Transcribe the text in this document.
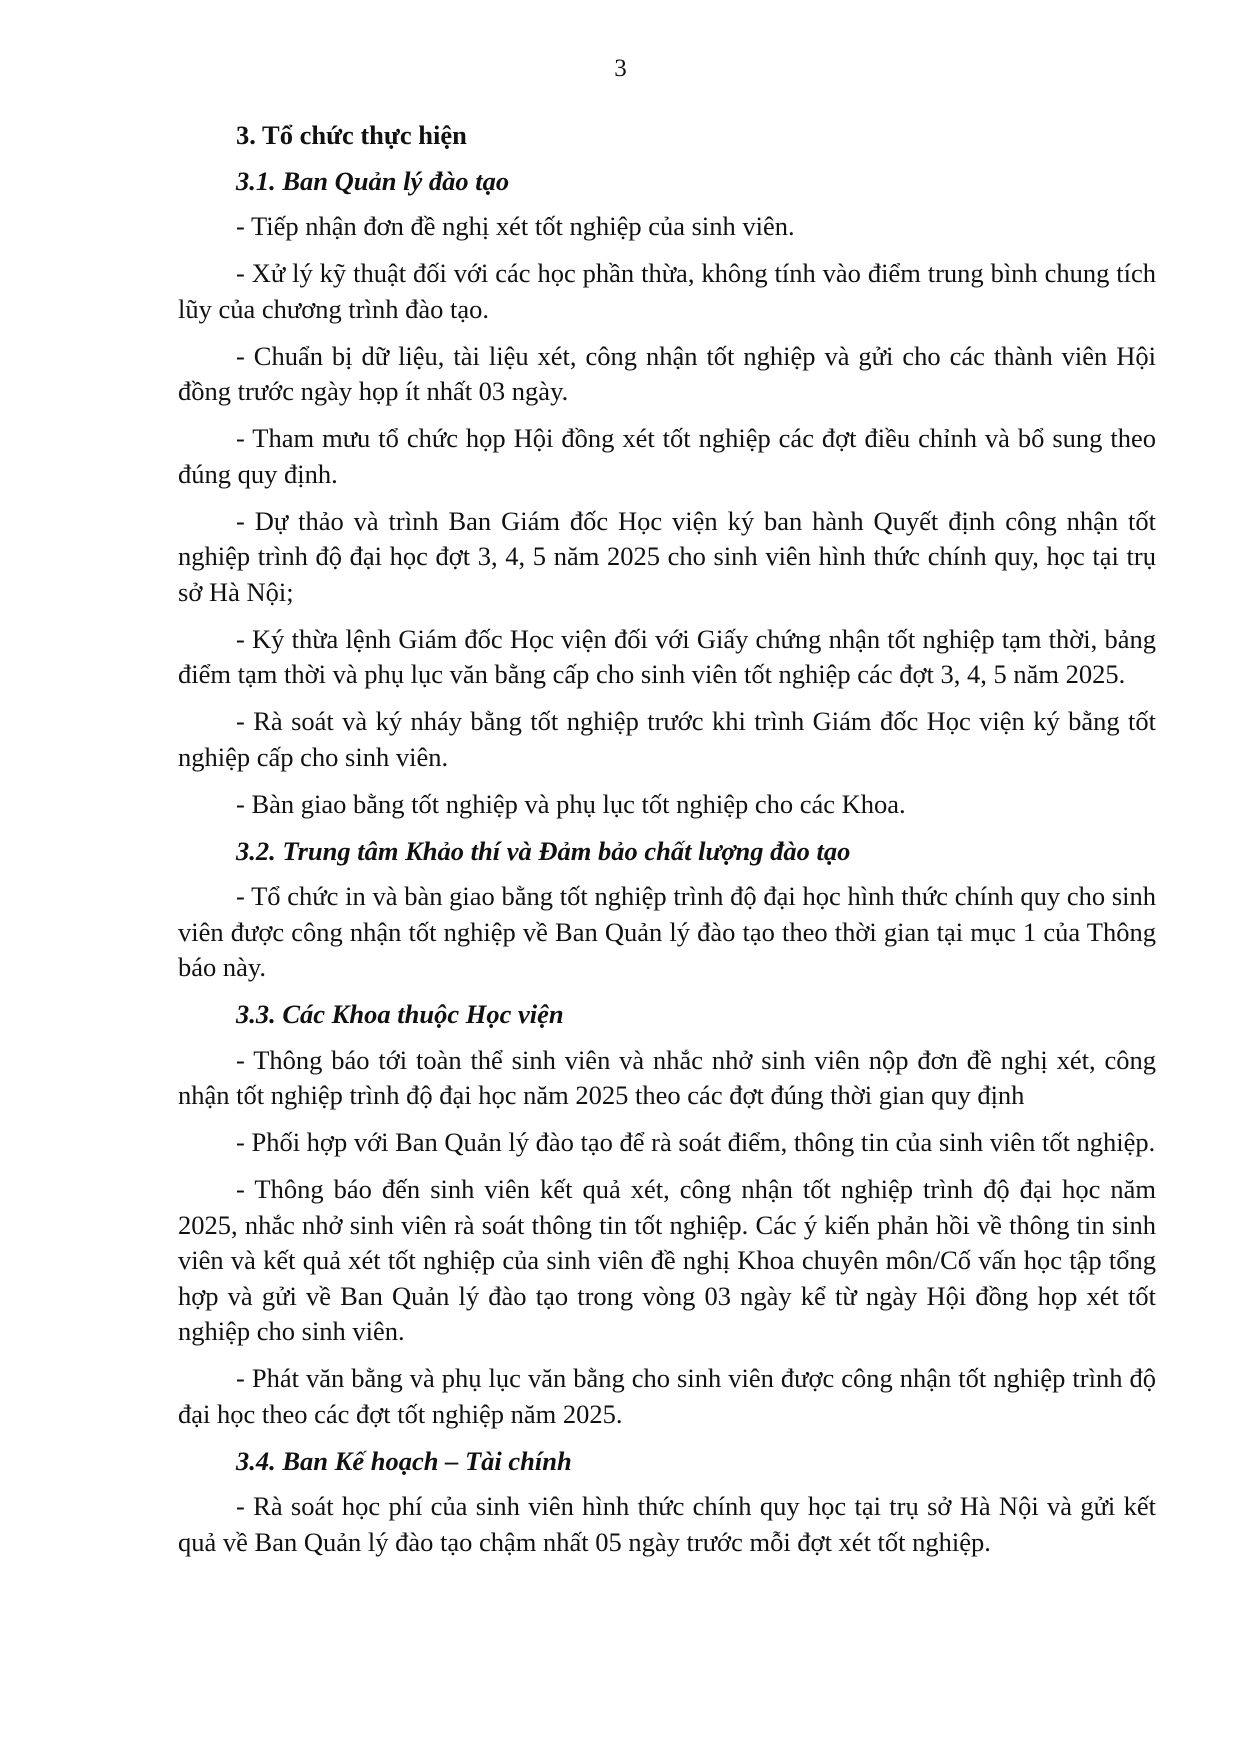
3

3. Tổ chức thực hiện

3.1. Ban Quản lý đào tạo

- Tiếp nhận đơn đề nghị xét tốt nghiệp của sinh viên.

- Xử lý kỹ thuật đối với các học phần thừa, không tính vào điểm trung bình chung tích lũy của chương trình đào tạo.

- Chuẩn bị dữ liệu, tài liệu xét, công nhận tốt nghiệp và gửi cho các thành viên Hội đồng trước ngày họp ít nhất 03 ngày.

- Tham mưu tổ chức họp Hội đồng xét tốt nghiệp các đợt điều chỉnh và bổ sung theo đúng quy định.

- Dự thảo và trình Ban Giám đốc Học viện ký ban hành Quyết định công nhận tốt nghiệp trình độ đại học đợt 3, 4, 5 năm 2025 cho sinh viên hình thức chính quy, học tại trụ sở Hà Nội;

- Ký thừa lệnh Giám đốc Học viện đối với Giấy chứng nhận tốt nghiệp tạm thời, bảng điểm tạm thời và phụ lục văn bằng cấp cho sinh viên tốt nghiệp các đợt 3, 4, 5 năm 2025.

- Rà soát và ký nháy bằng tốt nghiệp trước khi trình Giám đốc Học viện ký bằng tốt nghiệp cấp cho sinh viên.

- Bàn giao bằng tốt nghiệp và phụ lục tốt nghiệp cho các Khoa.

3.2. Trung tâm Khảo thí và Đảm bảo chất lượng đào tạo

- Tổ chức in và bàn giao bằng tốt nghiệp trình độ đại học hình thức chính quy cho sinh viên được công nhận tốt nghiệp về Ban Quản lý đào tạo theo thời gian tại mục 1 của Thông báo này.

3.3. Các Khoa thuộc Học viện

- Thông báo tới toàn thể sinh viên và nhắc nhở sinh viên nộp đơn đề nghị xét, công nhận tốt nghiệp trình độ đại học năm 2025 theo các đợt đúng thời gian quy định

- Phối hợp với Ban Quản lý đào tạo để rà soát điểm, thông tin của sinh viên tốt nghiệp.

- Thông báo đến sinh viên kết quả xét, công nhận tốt nghiệp trình độ đại học năm 2025, nhắc nhở sinh viên rà soát thông tin tốt nghiệp. Các ý kiến phản hồi về thông tin sinh viên và kết quả xét tốt nghiệp của sinh viên đề nghị Khoa chuyên môn/Cố vấn học tập tổng hợp và gửi về Ban Quản lý đào tạo trong vòng 03 ngày kể từ ngày Hội đồng họp xét tốt nghiệp cho sinh viên.

- Phát văn bằng và phụ lục văn bằng cho sinh viên được công nhận tốt nghiệp trình độ đại học theo các đợt tốt nghiệp năm 2025.

3.4. Ban Kế hoạch – Tài chính

- Rà soát học phí của sinh viên hình thức chính quy học tại trụ sở Hà Nội và gửi kết quả về Ban Quản lý đào tạo chậm nhất 05 ngày trước mỗi đợt xét tốt nghiệp.
